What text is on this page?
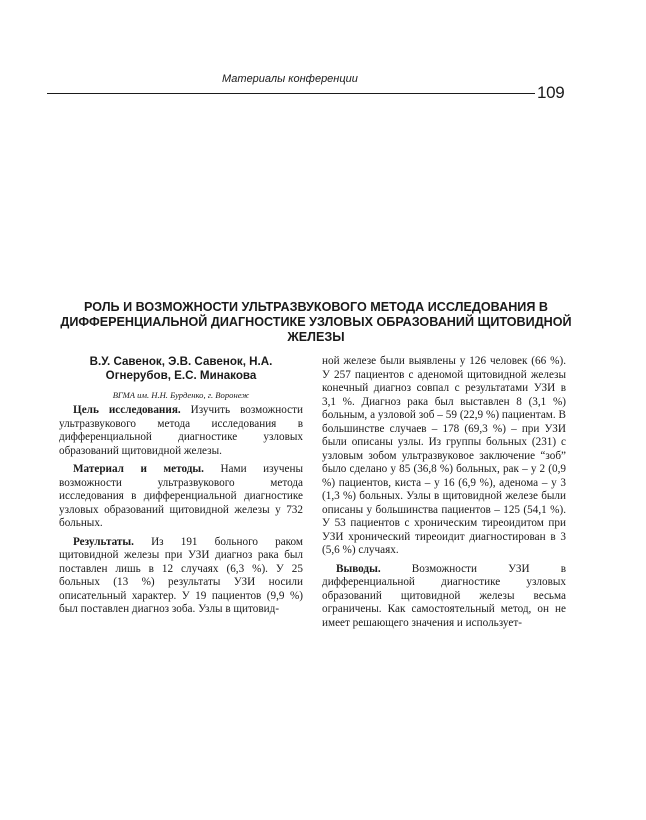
Материалы конференции
109
РОЛЬ И ВОЗМОЖНОСТИ УЛЬТРАЗВУКОВОГО МЕТОДА ИССЛЕДОВАНИЯ В ДИФФЕРЕНЦИАЛЬНОЙ ДИАГНОСТИКЕ УЗЛОВЫХ ОБРАЗОВАНИЙ ЩИТОВИДНОЙ ЖЕЛЕЗЫ

В.У. Савенок, Э.В. Савенок, Н.А. Огнерубов, Е.С. Минакова

ВГМА им. Н.Н. Бурденко, г. Воронеж

Цель исследования. Изучить возможности ультразвукового метода исследования в дифференциальной диагностике узловых образований щитовидной железы.

Материал и методы. Нами изучены возможности ультразвукового метода исследования в дифференциальной диагностике узловых образований щитовидной железы у 732 больных.

Результаты. Из 191 больного раком щитовидной железы при УЗИ диагноз рака был поставлен лишь в 12 случаях (6,3 %). У 25 больных (13 %) результаты УЗИ носили описательный характер. У 19 пациентов (9,9 %) был поставлен диагноз зоба. Узлы в щитовид-

ной железе были выявлены у 126 человек (66 %). У 257 пациентов с аденомой щитовидной железы конечный диагноз совпал с результатами УЗИ в 3,1 %. Диагноз рака был выставлен 8 (3,1 %) больным, а узловой зоб – 59 (22,9 %) пациентам. В большинстве случаев – 178 (69,3 %) – при УЗИ были описаны узлы. Из группы больных (231) с узловым зобом ультразвуковое заключение “зоб” было сделано у 85 (36,8 %) больных, рак – у 2 (0,9 %) пациентов, киста – у 16 (6,9 %), аденома – у 3 (1,3 %) больных. Узлы в щитовидной железе были описаны у большинства пациентов – 125 (54,1 %). У 53 пациентов с хроническим тиреоидитом при УЗИ хронический тиреоидит диагностирован в 3 (5,6 %) случаях.

Выводы. Возможности УЗИ в дифференциальной диагностике узловых образований щитовидной железы весьма ограничены. Как самостоятельный метод, он не имеет решающего значения и использует-
